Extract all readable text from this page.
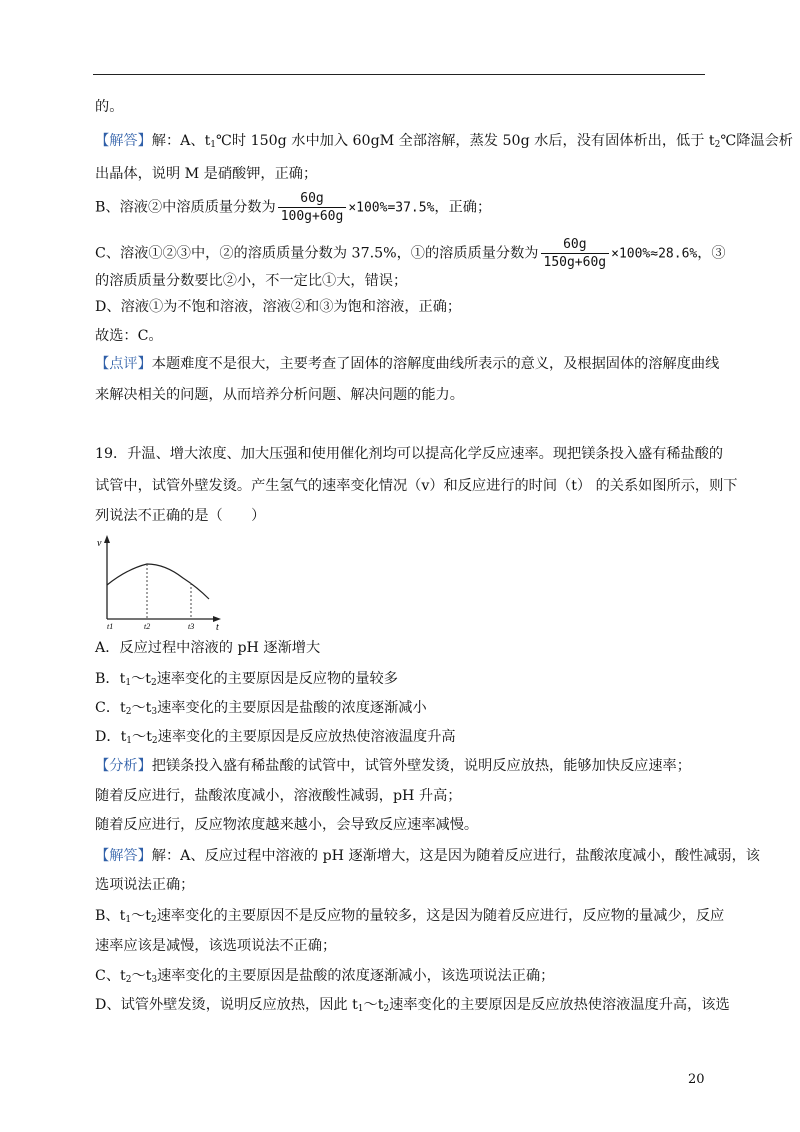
的。
【解答】解：A、$t_1℃$时 150g 水中加入 60gM 全部溶解，蒸发 50g 水后，没有固体析出，低于 $t_2℃$降温会析
出晶体，说明 M 是硝酸钾，正确；
B、溶液②中溶质质量分数为 $\frac{60g}{100g+60g} \times 100\%=37.5\%$，正确；
C、溶液①②③中，②的溶质质量分数为 37.5%，①的溶质质量分数为 $\frac{60g}{150g+60g} \times 100\%\approx 28.6\%$，③
的溶质质量分数要比②小，不一定比①大，错误；
D、溶液①为不饱和溶液，溶液②和③为饱和溶液，正确；
故选：C。
【点评】本题难度不是很大，主要考查了固体的溶解度曲线所表示的意义，及根据固体的溶解度曲线
来解决相关的问题，从而培养分析问题、解决问题的能力。
19．升温、增大浓度、加大压强和使用催化剂均可以提高化学反应速率。现把镁条投入盛有稀盐酸的
试管中，试管外壁发烫。产生氢气的速率变化情况（v）和反应进行的时间（t） 的关系如图所示，则下
列说法不正确的是（　　）
v
t
t1	t2	t3
A．反应过程中溶液的 pH 逐渐增大
B．$t_1\sim t_2$速率变化的主要原因是反应物的量较多
C．$t_2\sim t_3$速率变化的主要原因是盐酸的浓度逐渐减小
D．$t_1\sim t_2$速率变化的主要原因是反应放热使溶液温度升高
【分析】把镁条投入盛有稀盐酸的试管中，试管外壁发烫，说明反应放热，能够加快反应速率；
随着反应进行，盐酸浓度减小，溶液酸性减弱，pH 升高；
随着反应进行，反应物浓度越来越小，会导致反应速率减慢。
【解答】解：A、反应过程中溶液的 pH 逐渐增大，这是因为随着反应进行，盐酸浓度减小，酸性减弱，该
选项说法正确；
B、$t_1\sim t_2$速率变化的主要原因不是反应物的量较多，这是因为随着反应进行，反应物的量减少，反应
速率应该是减慢，该选项说法不正确；
C、$t_2\sim t_3$速率变化的主要原因是盐酸的浓度逐渐减小，该选项说法正确；
D、试管外壁发烫，说明反应放热，因此 $t_1\sim t_2$速率变化的主要原因是反应放热使溶液温度升高，该选
20
